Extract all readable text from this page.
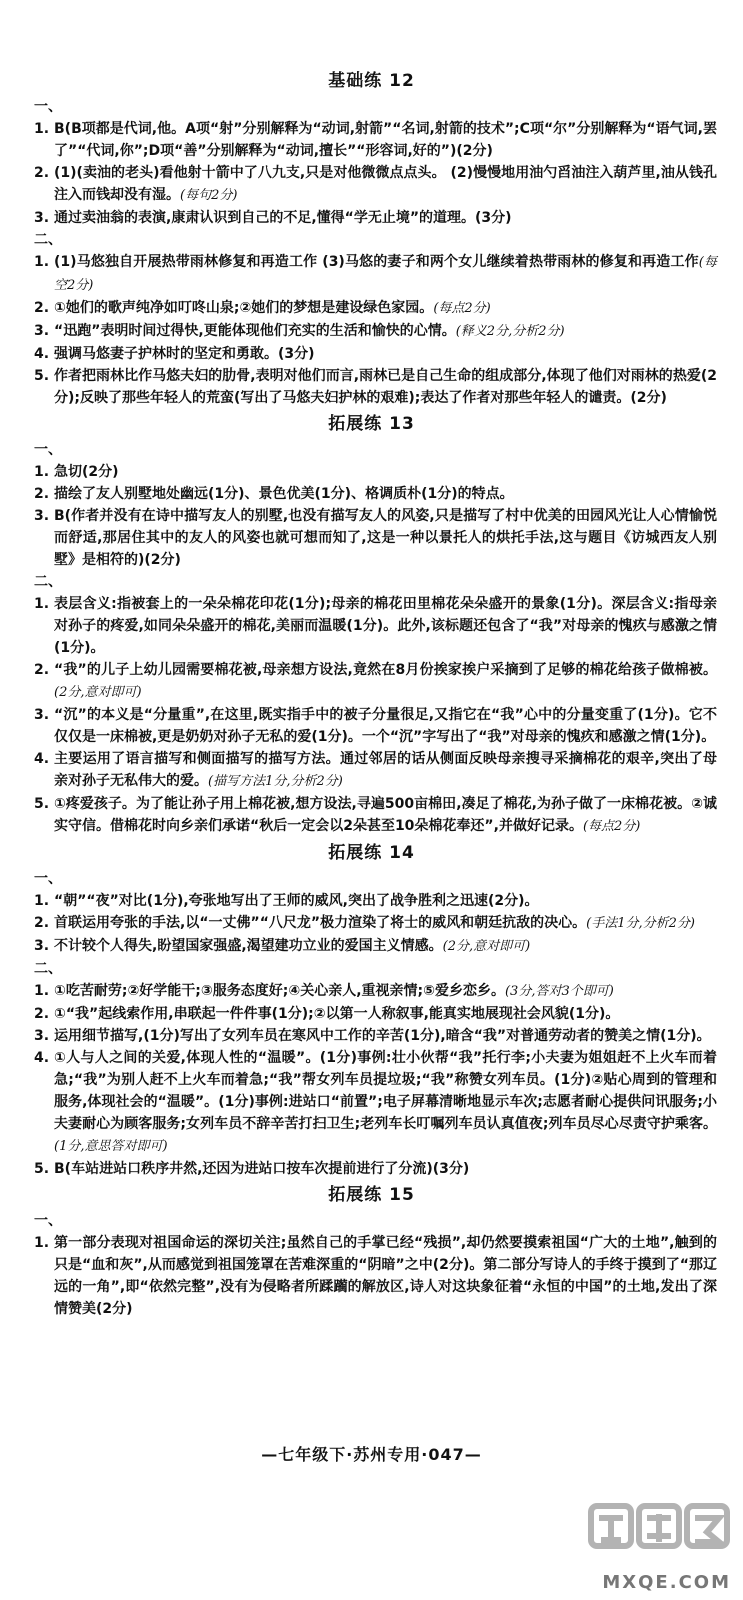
基础练 12
一、
1. B(B项都是代词,他。A项“射”分别解释为“动词,射箭”“名词,射箭的技术”;C项“尔”分别解释为“语气词,罢了”“代词,你”;D项“善”分别解释为“动词,擅长”“形容词,好的”)(2分)
2. (1)(卖油的老头)看他射十箭中了八九支,只是对他微微点点头。 (2)慢慢地用油勺舀油注入葫芦里,油从钱孔注入而钱却没有湿。(每句2分)
3. 通过卖油翁的表演,康肃认识到自己的不足,懂得“学无止境”的道理。(3分)
二、
1. (1)马悠独自开展热带雨林修复和再造工作 (3)马悠的妻子和两个女儿继续着热带雨林的修复和再造工作(每空2分)
2. ①她们的歌声纯净如叮咚山泉;②她们的梦想是建设绿色家园。(每点2分)
3. “迅跑”表明时间过得快,更能体现他们充实的生活和愉快的心情。(释义2分,分析2分)
4. 强调马悠妻子护林时的坚定和勇敢。(3分)
5. 作者把雨林比作马悠夫妇的肋骨,表明对他们而言,雨林已是自己生命的组成部分,体现了他们对雨林的热爱(2分);反映了那些年轻人的荒蛮(写出了马悠夫妇护林的艰难);表达了作者对那些年轻人的谴责。(2分)
拓展练 13
一、
1. 急切(2分)
2. 描绘了友人别墅地处幽远(1分)、景色优美(1分)、格调质朴(1分)的特点。
3. B(作者并没有在诗中描写友人的别墅,也没有描写友人的风姿,只是描写了村中优美的田园风光让人心情愉悦而舒适,那居住其中的友人的风姿也就可想而知了,这是一种以景托人的烘托手法,这与题目《访城西友人别墅》是相符的)(2分)
二、
1. 表层含义:指被套上的一朵朵棉花印花(1分);母亲的棉花田里棉花朵朵盛开的景象(1分)。深层含义:指母亲对孙子的疼爱,如同朵朵盛开的棉花,美丽而温暖(1分)。此外,该标题还包含了“我”对母亲的愧疚与感激之情(1分)。
2. “我”的儿子上幼儿园需要棉花被,母亲想方设法,竟然在8月份挨家挨户采摘到了足够的棉花给孩子做棉被。(2分,意对即可)
3. “沉”的本义是“分量重”,在这里,既实指手中的被子分量很足,又指它在“我”心中的分量变重了(1分)。它不仅仅是一床棉被,更是奶奶对孙子无私的爱(1分)。一个“沉”字写出了“我”对母亲的愧疚和感激之情(1分)。
4. 主要运用了语言描写和侧面描写的描写方法。通过邻居的话从侧面反映母亲搜寻采摘棉花的艰辛,突出了母亲对孙子无私伟大的爱。(描写方法1分,分析2分)
5. ①疼爱孩子。为了能让孙子用上棉花被,想方设法,寻遍500亩棉田,凑足了棉花,为孙子做了一床棉花被。②诚实守信。借棉花时向乡亲们承诺“秋后一定会以2朵甚至10朵棉花奉还”,并做好记录。(每点2分)
拓展练 14
一、
1. “朝”“夜”对比(1分),夸张地写出了王师的威风,突出了战争胜利之迅速(2分)。
2. 首联运用夸张的手法,以“一丈佛”“八尺龙”极力渲染了将士的威风和朝廷抗敌的决心。(手法1分,分析2分)
3. 不计较个人得失,盼望国家强盛,渴望建功立业的爱国主义情感。(2分,意对即可)
二、
1. ①吃苦耐劳;②好学能干;③服务态度好;④关心亲人,重视亲情;⑤爱乡恋乡。(3分,答对3个即可)
2. ①“我”起线索作用,串联起一件件事(1分);②以第一人称叙事,能真实地展现社会风貌(1分)。
3. 运用细节描写,(1分)写出了女列车员在寒风中工作的辛苦(1分),暗含“我”对普通劳动者的赞美之情(1分)。
4. ①人与人之间的关爱,体现人性的“温暖”。(1分)事例:壮小伙帮“我”托行李;小夫妻为姐姐赶不上火车而着急;“我”为别人赶不上火车而着急;“我”帮女列车员提垃圾;“我”称赞女列车员。(1分)②贴心周到的管理和服务,体现社会的“温暖”。(1分)事例:进站口“前置”;电子屏幕清晰地显示车次;志愿者耐心提供问讯服务;小夫妻耐心为顾客服务;女列车员不辞辛苦打扫卫生;老列车长叮嘱列车员认真值夜;列车员尽心尽责守护乘客。(1分,意思答对即可)
5. B(车站进站口秩序井然,还因为进站口按车次提前进行了分流)(3分)
拓展练 15
一、
1. 第一部分表现对祖国命运的深切关注;虽然自己的手掌已经“残损”,却仍然要摸索祖国“广大的土地”,触到的只是“血和灰”,从而感觉到祖国笼罩在苦难深重的“阴暗”之中(2分)。第二部分写诗人的手终于摸到了“那辽远的一角”,即“依然完整”,没有为侵略者所蹂躏的解放区,诗人对这块象征着“永恒的中国”的土地,发出了深情赞美(2分)
—七年级下·苏州专用·047—
MXQE.COM
